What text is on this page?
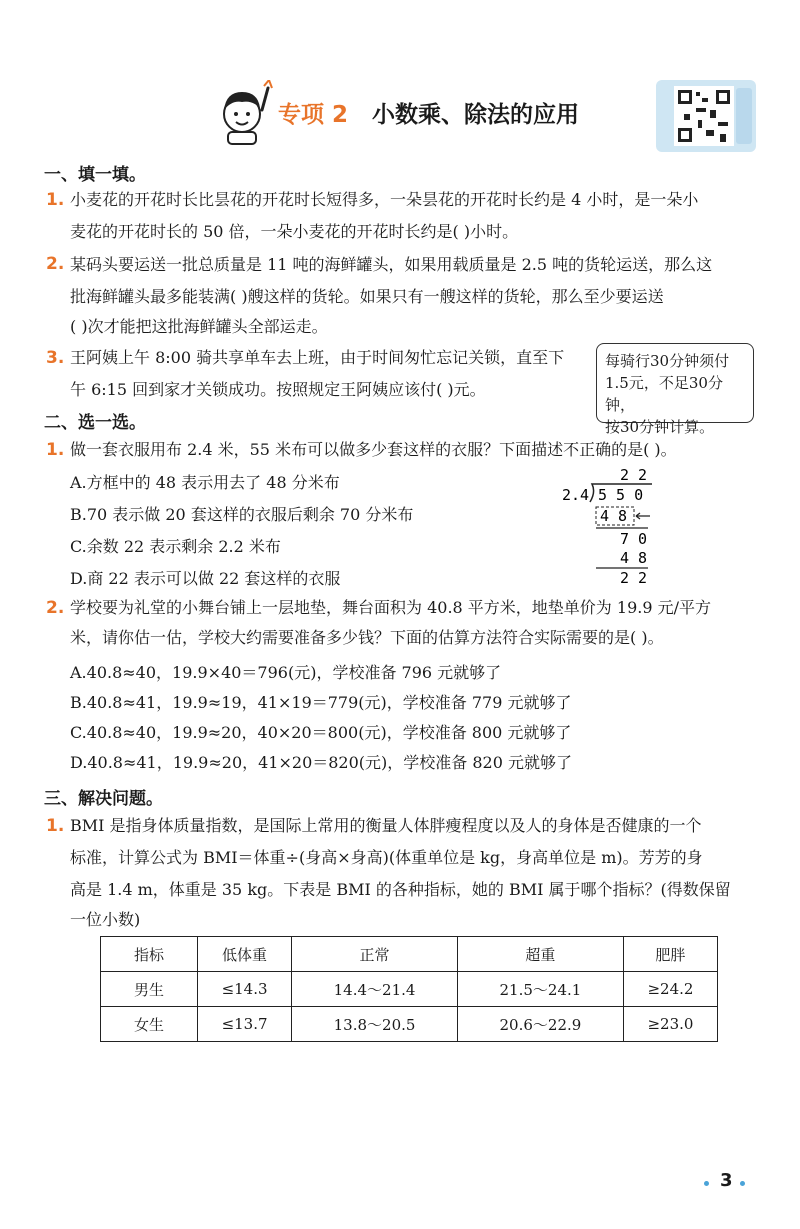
专项 2 小数乘、除法的应用
一、填一填。
1. 小麦花的开花时长比昙花的开花时长短得多，一朵昙花的开花时长约是 4 小时，是一朵小
麦花的开花时长的 50 倍，一朵小麦花的开花时长约是( )小时。
2. 某码头要运送一批总质量是 11 吨的海鲜罐头，如果用载质量是 2.5 吨的货轮运送，那么这
批海鲜罐头最多能装满( )艘这样的货轮。如果只有一艘这样的货轮，那么至少要运送
( )次才能把这批海鲜罐头全部运走。
3. 王阿姨上午 8:00 骑共享单车去上班，由于时间匆忙忘记关锁，直至下
午 6:15 回到家才关锁成功。按照规定王阿姨应该付( )元。
每骑行30分钟须付
1.5元，不足30分钟，
按30分钟计算。
二、选一选。
1. 做一套衣服用布 2.4 米，55 米布可以做多少套这样的衣服？下面描述不正确的是( )。
A.方框中的 48 表示用去了 48 分米布
B.70 表示做 20 套这样的衣服后剩余 70 分米布
C.余数 22 表示剩余 2.2 米布
D.商 22 表示可以做 22 套这样的衣服
2 2
2.4 5 5 0
4 8
7 0
4 8
2 2
2. 学校要为礼堂的小舞台铺上一层地垫，舞台面积为 40.8 平方米，地垫单价为 19.9 元/平方
米，请你估一估，学校大约需要准备多少钱？下面的估算方法符合实际需要的是( )。
A.40.8≈40，19.9×40＝796(元)，学校准备 796 元就够了
B.40.8≈41，19.9≈19，41×19＝779(元)，学校准备 779 元就够了
C.40.8≈40，19.9≈20，40×20＝800(元)，学校准备 800 元就够了
D.40.8≈41，19.9≈20，41×20＝820(元)，学校准备 820 元就够了
三、解决问题。
1. BMI 是指身体质量指数，是国际上常用的衡量人体胖瘦程度以及人的身体是否健康的一个
标准，计算公式为 BMI＝体重÷(身高×身高)(体重单位是 kg，身高单位是 m)。芳芳的身
高是 1.4 m，体重是 35 kg。下表是 BMI 的各种指标，她的 BMI 属于哪个指标？(得数保留
一位小数)
指标	低体重	正常	超重	肥胖
男生	≤14.3	14.4～21.4	21.5～24.1	≥24.2
女生	≤13.7	13.8～20.5	20.6～22.9	≥23.0
3
